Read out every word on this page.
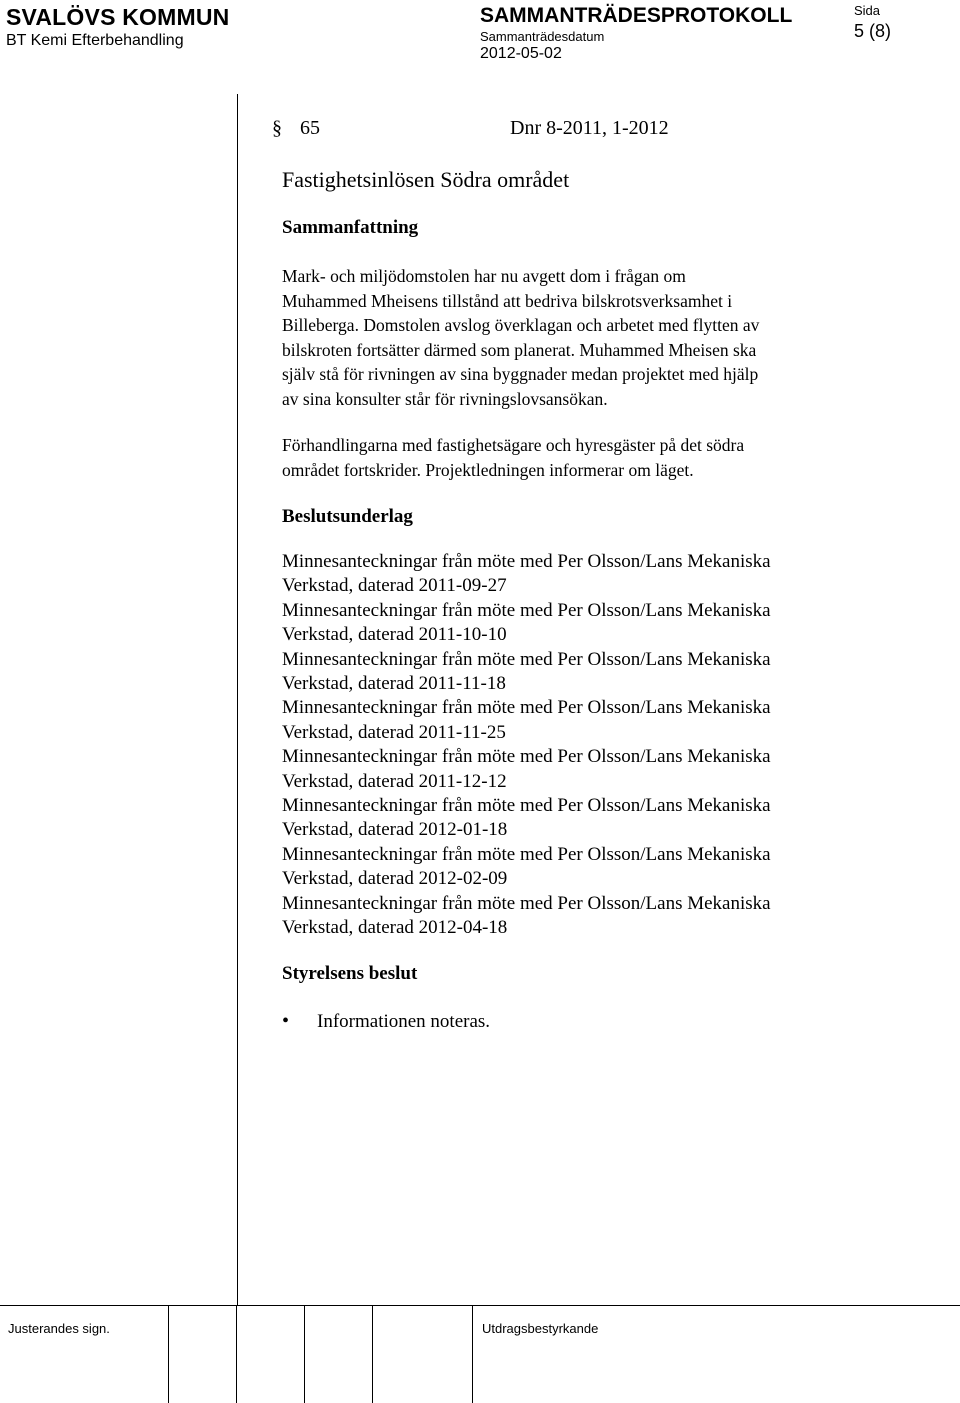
SVALÖVS KOMMUN
BT Kemi Efterbehandling
SAMMANTRÄDESPROTOKOLL
Sammanträdesdatum
2012-05-02
Sida
5 (8)
§ 65	Dnr 8-2011, 1-2012
Fastighetsinlösen Södra området
Sammanfattning
Mark- och miljödomstolen har nu avgett dom i frågan om
Muhammed Mheisens tillstånd att bedriva bilskrotsverksamhet i
Billeberga. Domstolen avslog överklagan och arbetet med flytten av
bilskroten fortsätter därmed som planerat. Muhammed Mheisen ska
själv stå för rivningen av sina byggnader medan projektet med hjälp
av sina konsulter står för rivningslovsansökan.
Förhandlingarna med fastighetsägare och hyresgäster på det södra
området fortskrider. Projektledningen informerar om läget.
Beslutsunderlag
Minnesanteckningar från möte med Per Olsson/Lans Mekaniska
Verkstad, daterad 2011-09-27
Minnesanteckningar från möte med Per Olsson/Lans Mekaniska
Verkstad, daterad 2011-10-10
Minnesanteckningar från möte med Per Olsson/Lans Mekaniska
Verkstad, daterad 2011-11-18
Minnesanteckningar från möte med Per Olsson/Lans Mekaniska
Verkstad, daterad 2011-11-25
Minnesanteckningar från möte med Per Olsson/Lans Mekaniska
Verkstad, daterad 2011-12-12
Minnesanteckningar från möte med Per Olsson/Lans Mekaniska
Verkstad, daterad 2012-01-18
Minnesanteckningar från möte med Per Olsson/Lans Mekaniska
Verkstad, daterad 2012-02-09
Minnesanteckningar från möte med Per Olsson/Lans Mekaniska
Verkstad, daterad 2012-04-18
Styrelsens beslut
• Informationen noteras.
Justerandes sign.	Utdragsbestyrkande
